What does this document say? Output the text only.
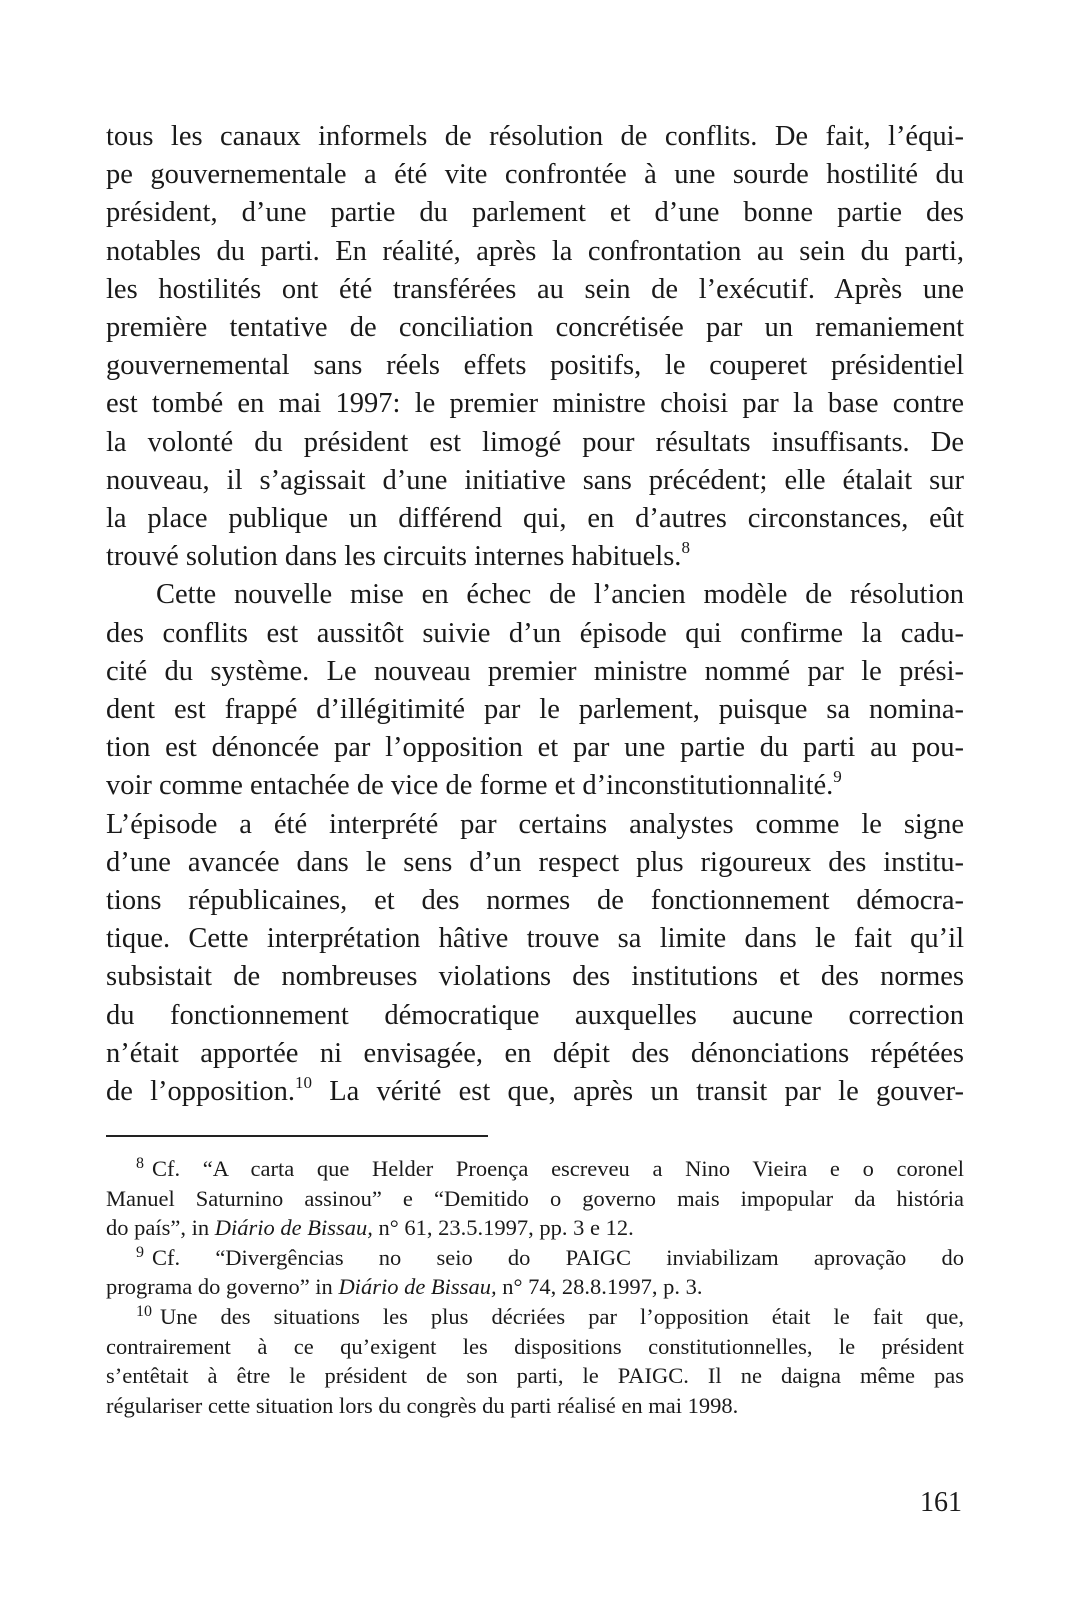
tous les canaux informels de résolution de conflits. De fait, l’équi-
pe gouvernementale a été vite confrontée à une sourde hostilité du
président, d’une partie du parlement et d’une bonne partie des
notables du parti. En réalité, après la confrontation au sein du parti,
les hostilités ont été transférées au sein de l’exécutif. Après une
première tentative de conciliation concrétisée par un remaniement
gouvernemental sans réels effets positifs, le couperet présidentiel
est tombé en mai 1997: le premier ministre choisi par la base contre
la volonté du président est limogé pour résultats insuffisants. De
nouveau, il s’agissait d’une initiative sans précédent; elle étalait sur
la place publique un différend qui, en d’autres circonstances, eût
trouvé solution dans les circuits internes habituels.$^8$
Cette nouvelle mise en échec de l’ancien modèle de résolution
des conflits est aussitôt suivie d’un épisode qui confirme la cadu-
cité du système. Le nouveau premier ministre nommé par le prési-
dent est frappé d’illégitimité par le parlement, puisque sa nomina-
tion est dénoncée par l’opposition et par une partie du parti au pou-
voir comme entachée de vice de forme et d’inconstitutionnalité.$^9$
L’épisode a été interprété par certains analystes comme le signe
d’une avancée dans le sens d’un respect plus rigoureux des institu-
tions républicaines, et des normes de fonctionnement démocra-
tique. Cette interprétation hâtive trouve sa limite dans le fait qu’il
subsistait de nombreuses violations des institutions et des normes
du fonctionnement démocratique auxquelles aucune correction
n’était apportée ni envisagée, en dépit des dénonciations répétées
de l’opposition.$^{10}$ La vérité est que, après un transit par le gouver-
$^8$ Cf. “A carta que Helder Proença escreveu a Nino Vieira e o coronel
Manuel Saturnino assinou” e “Demitido o governo mais impopular da história
do país”, in Diário de Bissau, n° 61, 23.5.1997, pp. 3 e 12.
$^9$ Cf. “Divergências no seio do PAIGC inviabilizam aprovação do
programa do governo” in Diário de Bissau, n° 74, 28.8.1997, p. 3.
$^{10}$ Une des situations les plus décriées par l’opposition était le fait que,
contrairement à ce qu’exigent les dispositions constitutionnelles, le président
s’entêtait à être le président de son parti, le PAIGC. Il ne daigna même pas
régulariser cette situation lors du congrès du parti réalisé en mai 1998.
161
